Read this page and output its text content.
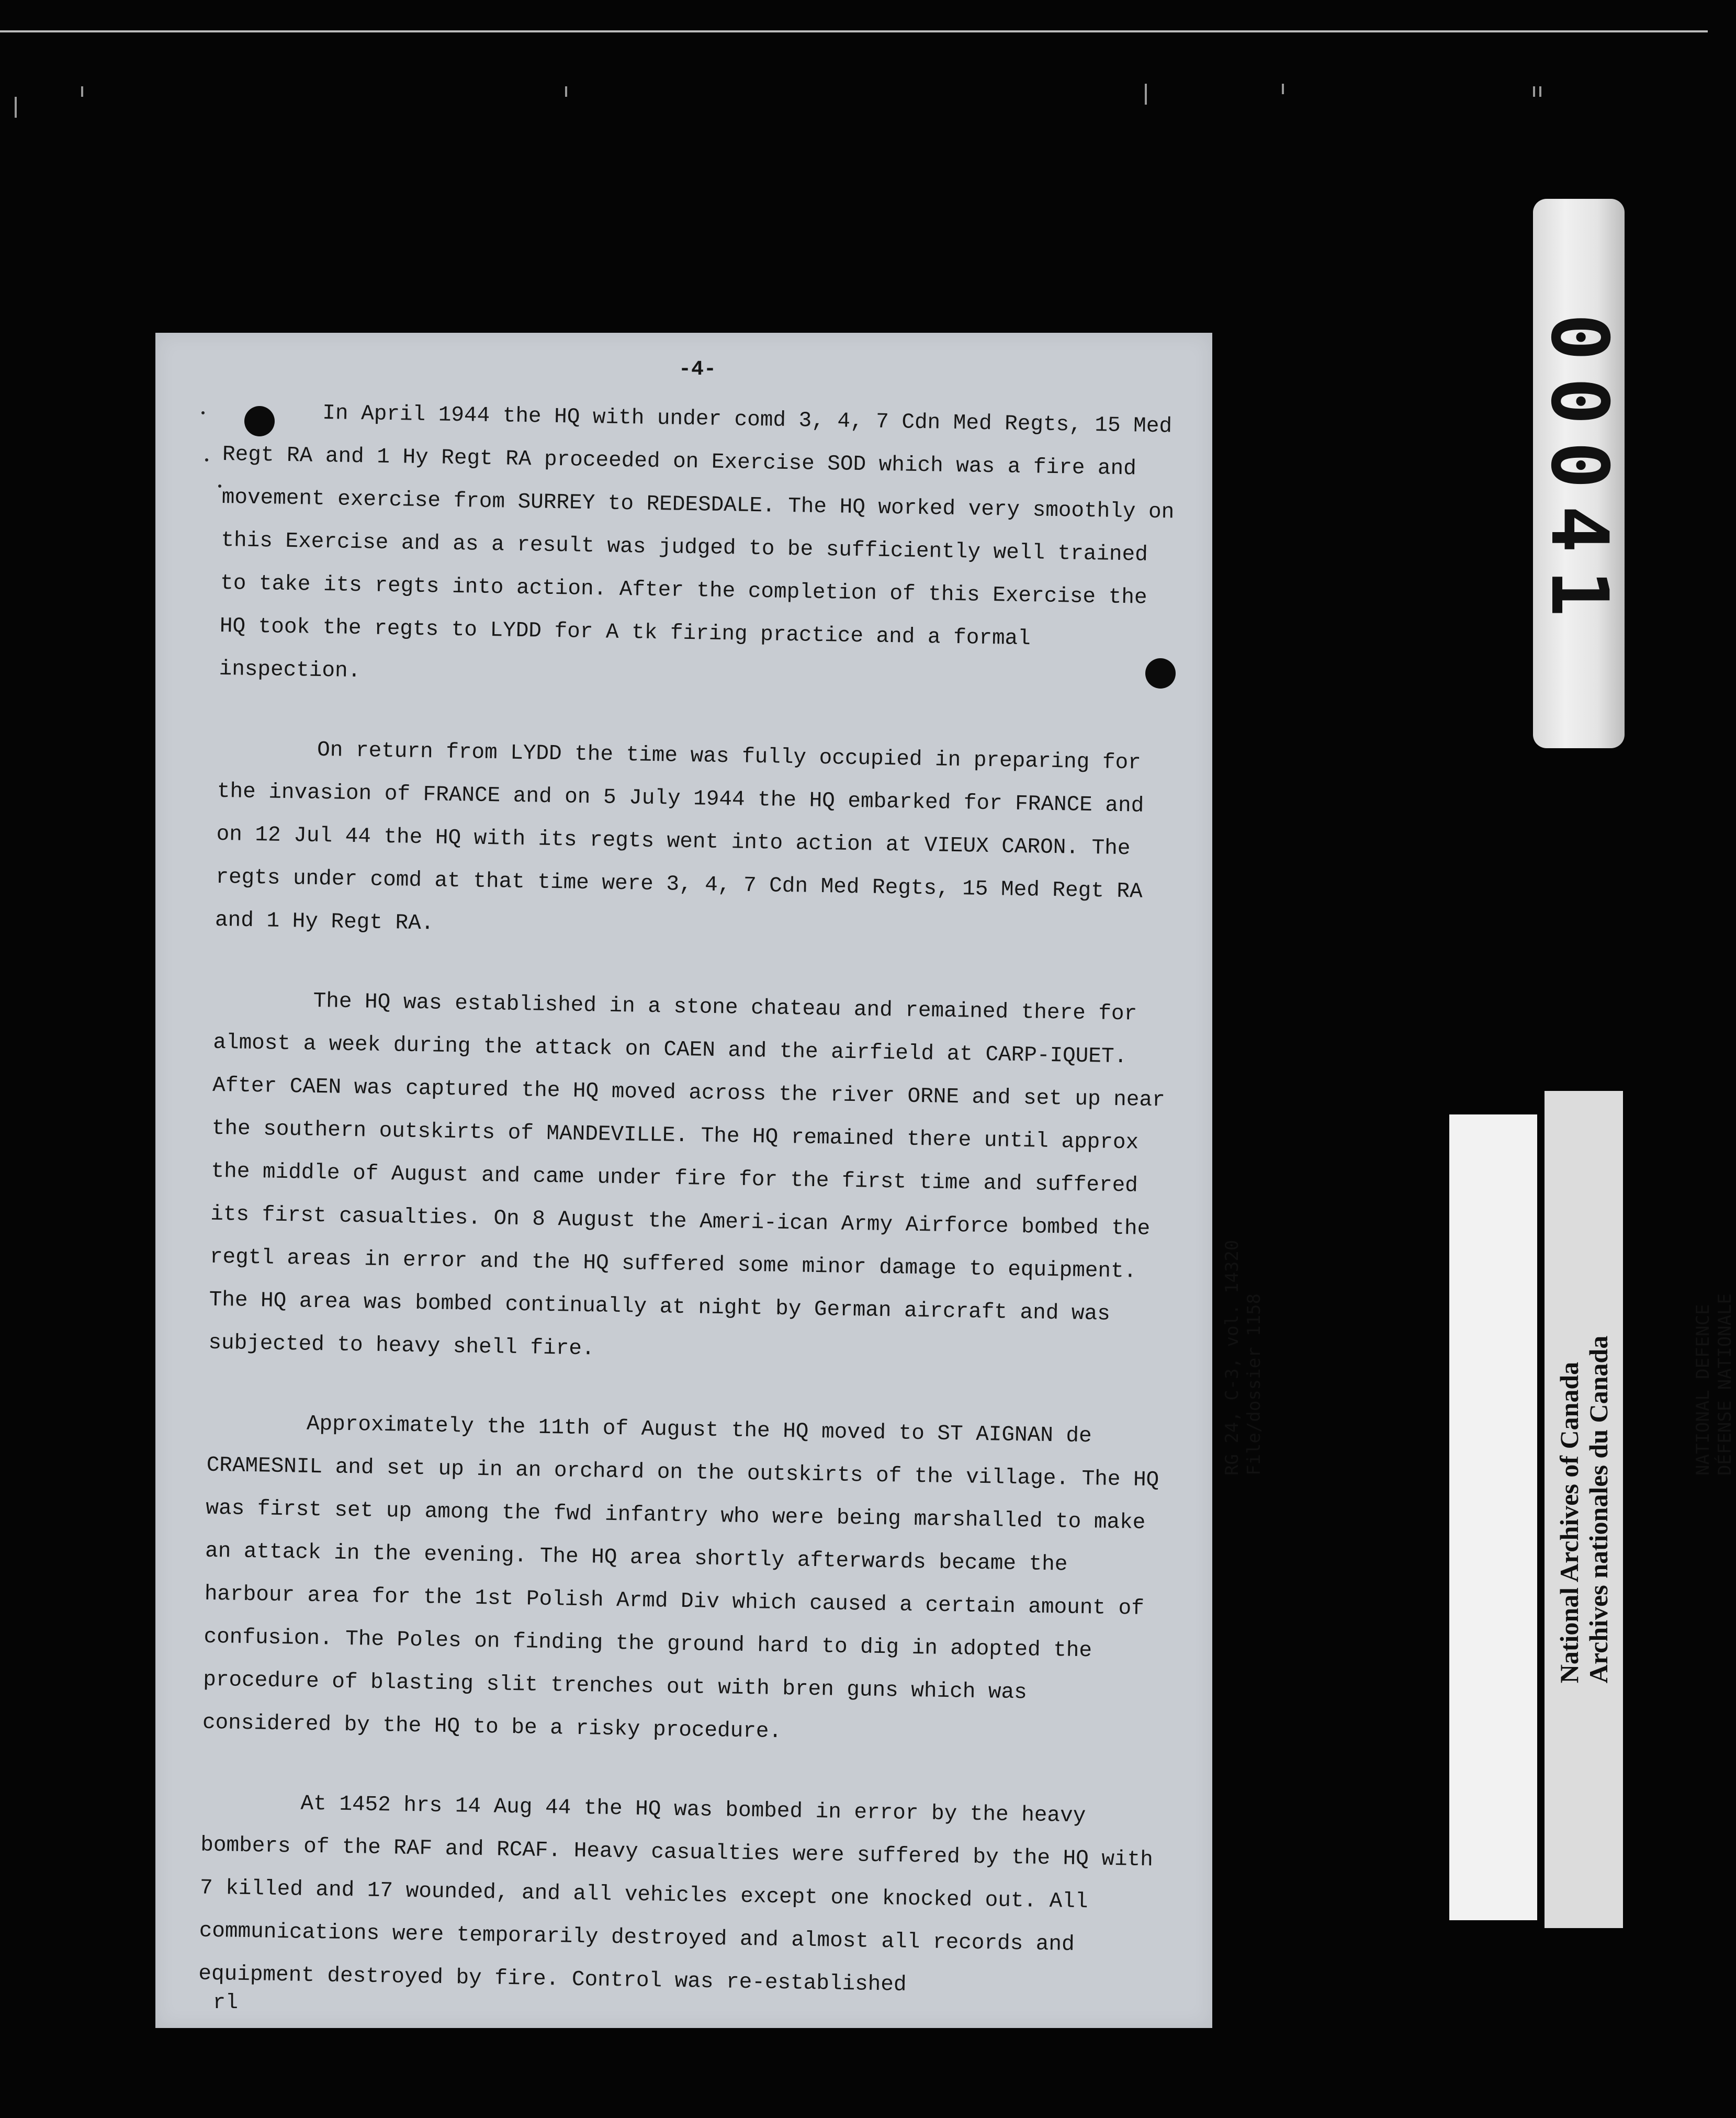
00041
-4-

In April 1944 the HQ with under comd 3, 4, 7 Cdn Med Regts, 15 Med Regt RA and 1 Hy Regt RA proceeded on Exercise SOD which was a fire and movement exercise from SURREY to REDESDALE. The HQ worked very smoothly on this Exercise and as a result was judged to be sufficiently well trained to take its regts into action. After the completion of this Exercise the HQ took the regts to LYDD for A tk firing practice and a formal inspection.

On return from LYDD the time was fully occupied in preparing for the invasion of FRANCE and on 5 July 1944 the HQ embarked for FRANCE and on 12 Jul 44 the HQ with its regts went into action at VIEUX CARON. The regts under comd at that time were 3, 4, 7 Cdn Med Regts, 15 Med Regt RA and 1 Hy Regt RA.

The HQ was established in a stone chateau and remained there for almost a week during the attack on CAEN and the airfield at CARP-IQUET. After CAEN was captured the HQ moved across the river ORNE and set up near the southern outskirts of MANDEVILLE. The HQ remained there until approx the middle of August and came under fire for the first time and suffered its first casualties. On 8 August the Ameri-ican Army Airforce bombed the regtl areas in error and the HQ suffered some minor damage to equipment. The HQ area was bombed continually at night by German aircraft and was subjected to heavy shell fire.

Approximately the 11th of August the HQ moved to ST AIGNAN de CRAMESNIL and set up in an orchard on the outskirts of the village. The HQ was first set up among the fwd infantry who were being marshalled to make an attack in the evening. The HQ area shortly afterwards became the harbour area for the 1st Polish Armd Div which caused a certain amount of confusion. The Poles on finding the ground hard to dig in adopted the procedure of blasting slit trenches out with bren guns which was considered by the HQ to be a risky procedure.

At 1452 hrs 14 Aug 44 the HQ was bombed in error by the heavy bombers of the RAF and RCAF. Heavy casualties were suffered by the HQ with 7 killed and 17 wounded, and all vehicles except one knocked out. All communications were temporarily destroyed and almost all records and equipment destroyed by fire. Control was re-established

rl
RG 24, C-3, vol. 14320 File/dossier 1158	NATIONAL DEFENCE DÉFENSE NATIONALE
National Archives of Canada Archives nationales du Canada
